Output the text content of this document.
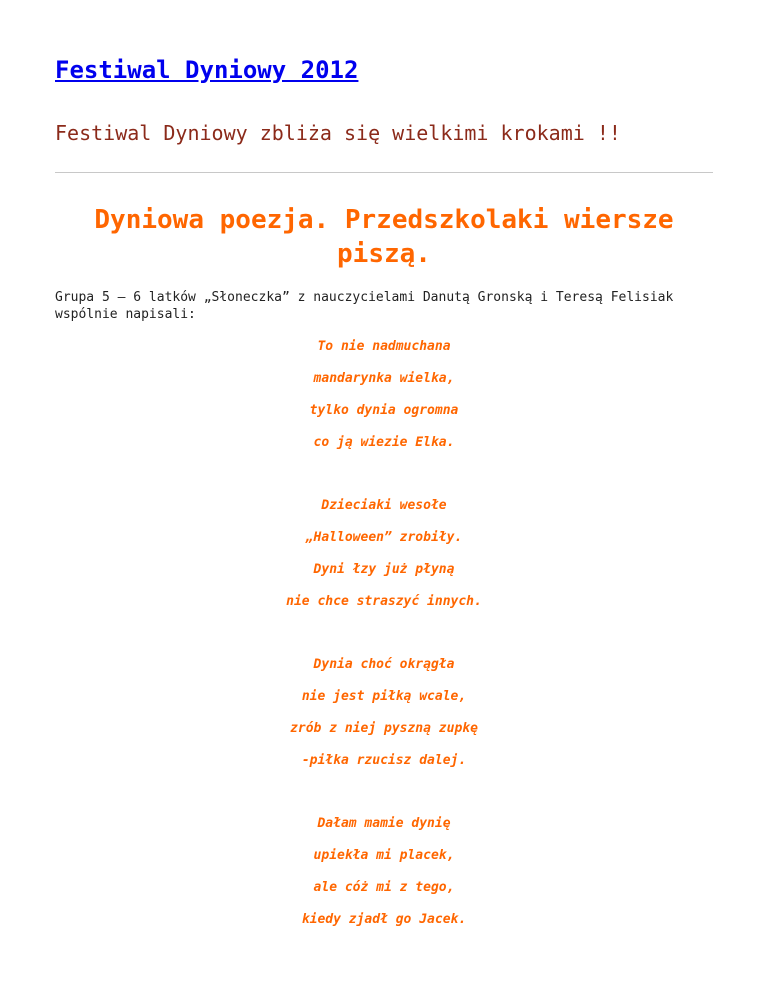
Festiwal Dyniowy 2012
Festiwal Dyniowy zbliża się wielkimi krokami !!
Dyniowa poezja. Przedszkolaki wiersze piszą.

Grupa 5 – 6 latków „Słoneczka” z nauczycielami Danutą Gronską i Teresą Felisiak wspólnie napisali:

To nie nadmuchana
mandarynka wielka,
tylko dynia ogromna
co ją wiezie Elka.
Dzieciaki wesołe
„Halloween” zrobiły.
Dyni łzy już płyną
nie chce straszyć innych.
Dynia choć okrągła
nie jest piłką wcale,
zrób z niej pyszną zupkę
-piłka rzucisz dalej.
Dałam mamie dynię
upiekła mi placek,
ale cóż mi z tego,
kiedy zjadł go Jacek.
